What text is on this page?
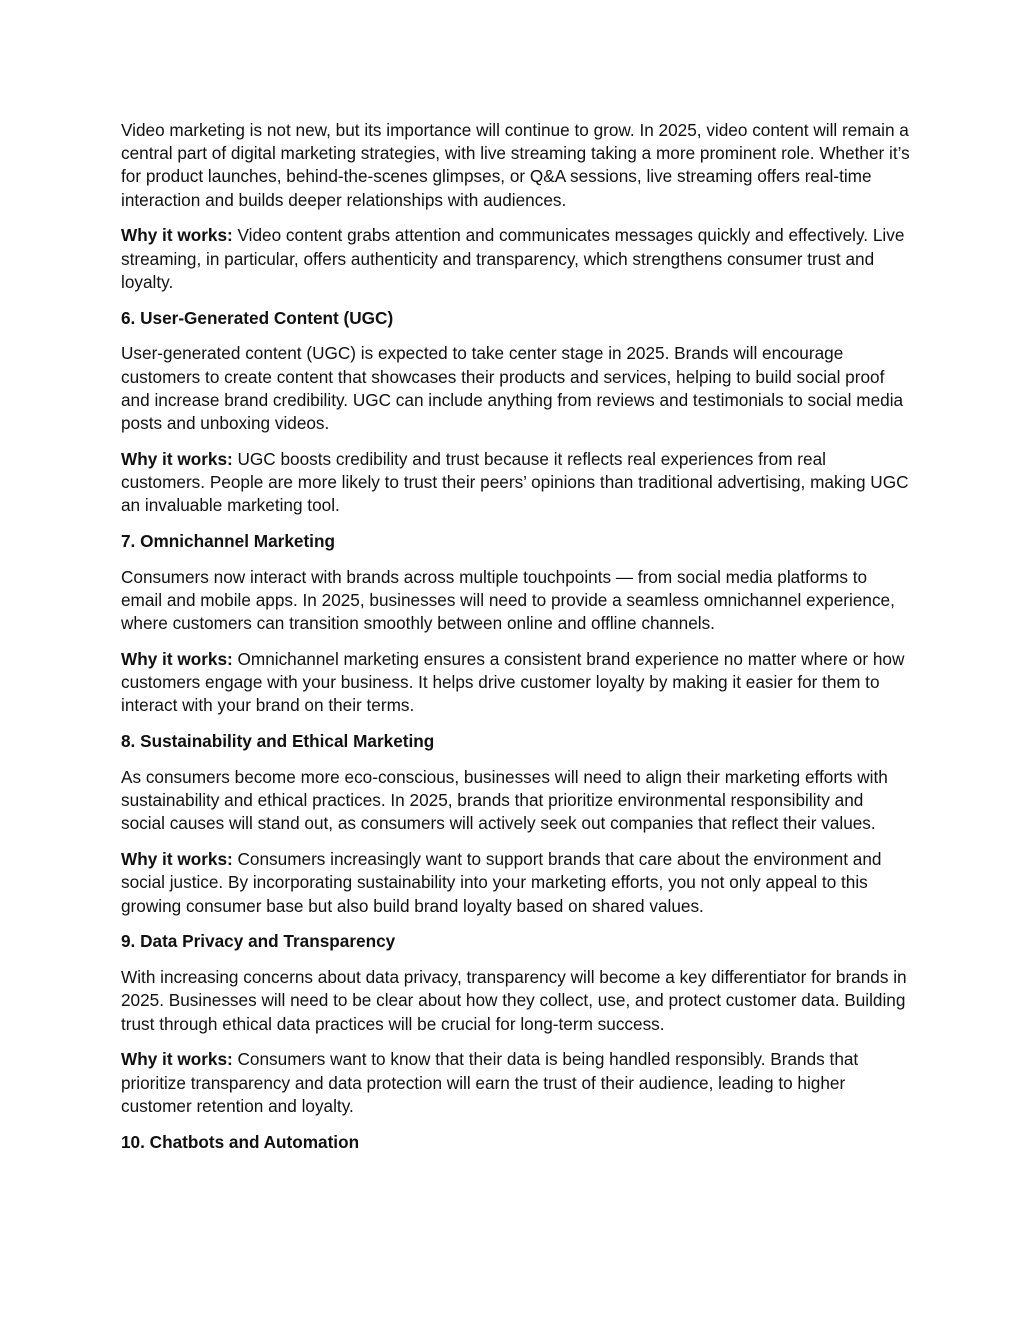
Video marketing is not new, but its importance will continue to grow. In 2025, video content will remain a central part of digital marketing strategies, with live streaming taking a more prominent role. Whether it’s for product launches, behind-the-scenes glimpses, or Q&A sessions, live streaming offers real-time interaction and builds deeper relationships with audiences.

Why it works: Video content grabs attention and communicates messages quickly and effectively. Live streaming, in particular, offers authenticity and transparency, which strengthens consumer trust and loyalty.

6. User-Generated Content (UGC)

User-generated content (UGC) is expected to take center stage in 2025. Brands will encourage customers to create content that showcases their products and services, helping to build social proof and increase brand credibility. UGC can include anything from reviews and testimonials to social media posts and unboxing videos.

Why it works: UGC boosts credibility and trust because it reflects real experiences from real customers. People are more likely to trust their peers’ opinions than traditional advertising, making UGC an invaluable marketing tool.

7. Omnichannel Marketing

Consumers now interact with brands across multiple touchpoints — from social media platforms to email and mobile apps. In 2025, businesses will need to provide a seamless omnichannel experience, where customers can transition smoothly between online and offline channels.

Why it works: Omnichannel marketing ensures a consistent brand experience no matter where or how customers engage with your business. It helps drive customer loyalty by making it easier for them to interact with your brand on their terms.

8. Sustainability and Ethical Marketing

As consumers become more eco-conscious, businesses will need to align their marketing efforts with sustainability and ethical practices. In 2025, brands that prioritize environmental responsibility and social causes will stand out, as consumers will actively seek out companies that reflect their values.

Why it works: Consumers increasingly want to support brands that care about the environment and social justice. By incorporating sustainability into your marketing efforts, you not only appeal to this growing consumer base but also build brand loyalty based on shared values.

9. Data Privacy and Transparency

With increasing concerns about data privacy, transparency will become a key differentiator for brands in 2025. Businesses will need to be clear about how they collect, use, and protect customer data. Building trust through ethical data practices will be crucial for long-term success.

Why it works: Consumers want to know that their data is being handled responsibly. Brands that prioritize transparency and data protection will earn the trust of their audience, leading to higher customer retention and loyalty.

10. Chatbots and Automation
